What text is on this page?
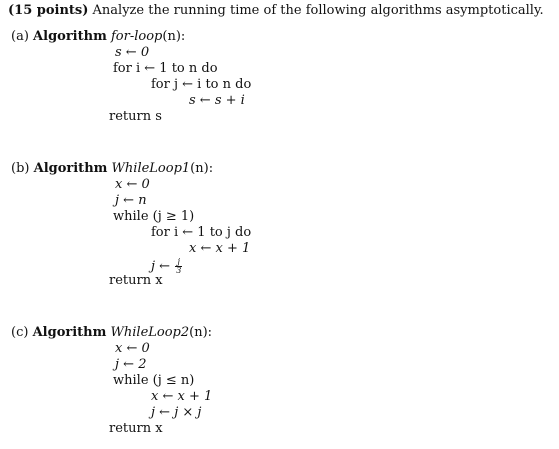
(15 points) Analyze the running time of the following algorithms asymptotically.
(a) Algorithm for-loop(n):
s ← 0
for i ← 1 to n do
for j ← i to n do
s ← s + i
return s
(b) Algorithm WhileLoop1(n):
x ← 0
j ← n
while (j ≥ 1)
for i ← 1 to j do
x ← x + 1
j ← $\frac{j}{3}$
return x
(c) Algorithm WhileLoop2(n):
x ← 0
j ← 2
while (j ≤ n)
x ← x + 1
j ← j × j
return x
